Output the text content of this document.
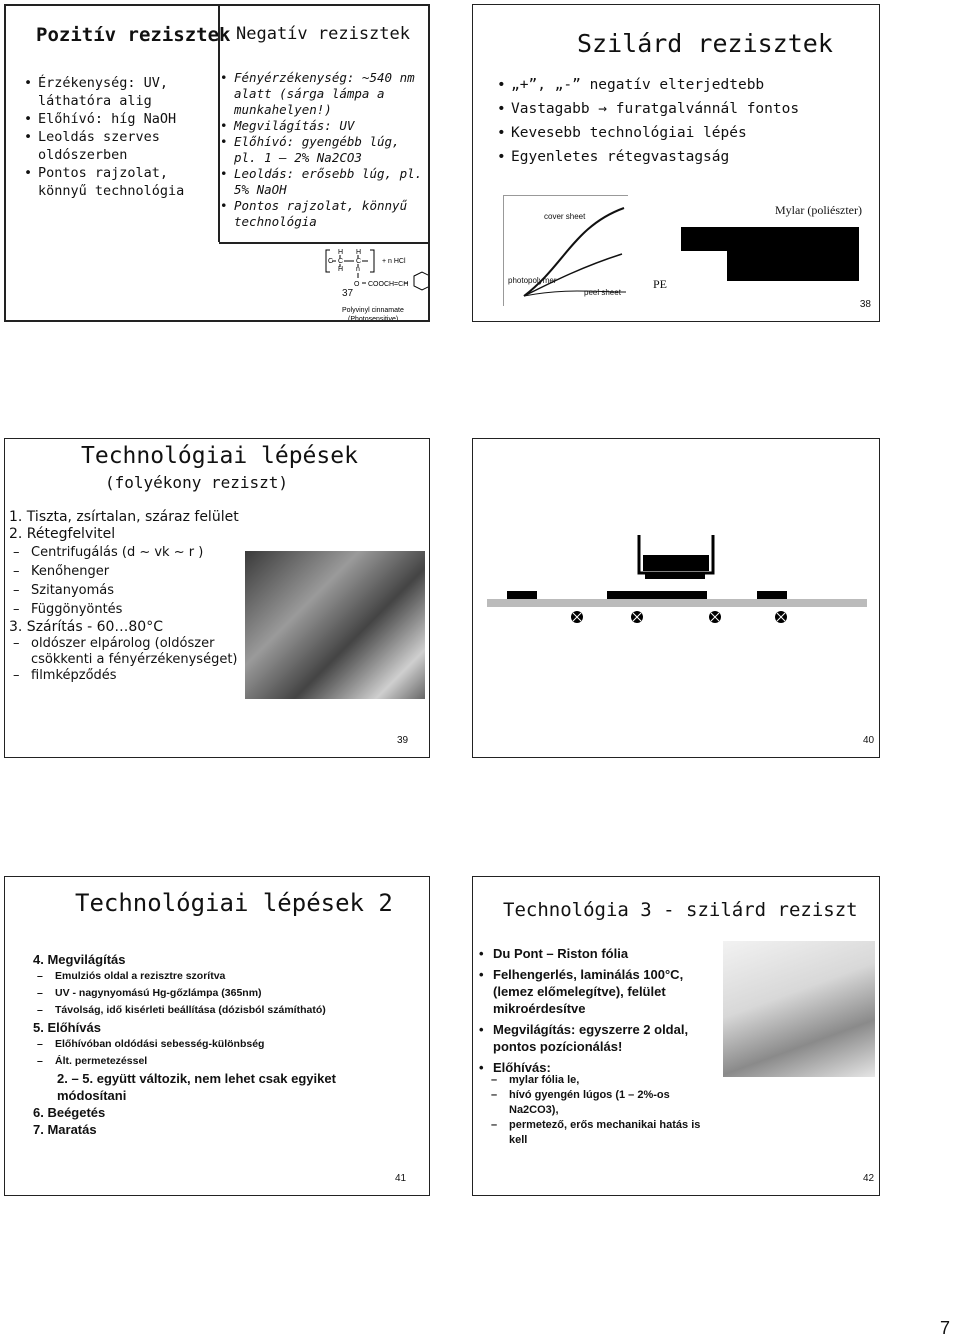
Pozitív rezisztek
• Érzékenység: UV, láthatóra alig
• Előhívó: híg NaOH
• Leoldás szerves oldószerben
• Pontos rajzolat, könnyű technológia
Negatív rezisztek
• Fényérzékenység: ~540 nm alatt (sárga lámpa a munkahelyen!)
• Megvilágítás: UV
• Előhívó: gyengébb lúg, pl. 1 – 2% Na2CO3
• Leoldás: erősebb lúg, pl. 5% NaOH
• Pontos rajzolat, könnyű technológia
H H
C C C
H n
O
+ n HCl
COOCH=CH
Polyvinyl cinnamate
(Photosensitive)
37
Szilárd rezisztek
• „+”, „-” negatív elterjedtebb
• Vastagabb → furatgalvánnál fontos
• Kevesebb technológiai lépés
• Egyenletes rétegvastagság
cover sheet
photopolymer
peel sheet
Mylar (poliészter)
PE
38
Technológiai lépések
(folyékony reziszt)
1. Tiszta, zsírtalan, száraz felület
2. Rétegfelvitel
– Centrifugálás (d ~ vk ~ r )
– Kenőhenger
– Szitanyomás
– Függönyöntés
3. Szárítás - 60…80°C
– oldószer elpárolog (oldószer csökkenti a fényérzékenységet)
– filmképződés
39	40
Technológiai lépések 2
4. Megvilágítás
– Emulziós oldal a rezisztre szorítva
– UV - nagynyomású Hg-gőzlámpa (365nm)
– Távolság, idő kisérleti beállítása (dózisból számítható)
5. Előhívás
– Előhívóban oldódási sebesség-különbség
– Ált. permetezéssel
2. – 5. együtt változik, nem lehet csak egyiket módosítani
6. Beégetés
7. Maratás
41
Technológia 3 - szilárd reziszt
• Du Pont – Riston fólia
• Felhengerlés, laminálás 100°C, (lemez előmelegítve), felület mikroérdesítve
• Megvilágítás: egyszerre 2 oldal, pontos pozícionálás!
• Előhívás:
– mylar fólia le,
– hívó gyengén lúgos (1 – 2%-os Na2CO3),
– permetező, erős mechanikai hatás is kell
42
7
